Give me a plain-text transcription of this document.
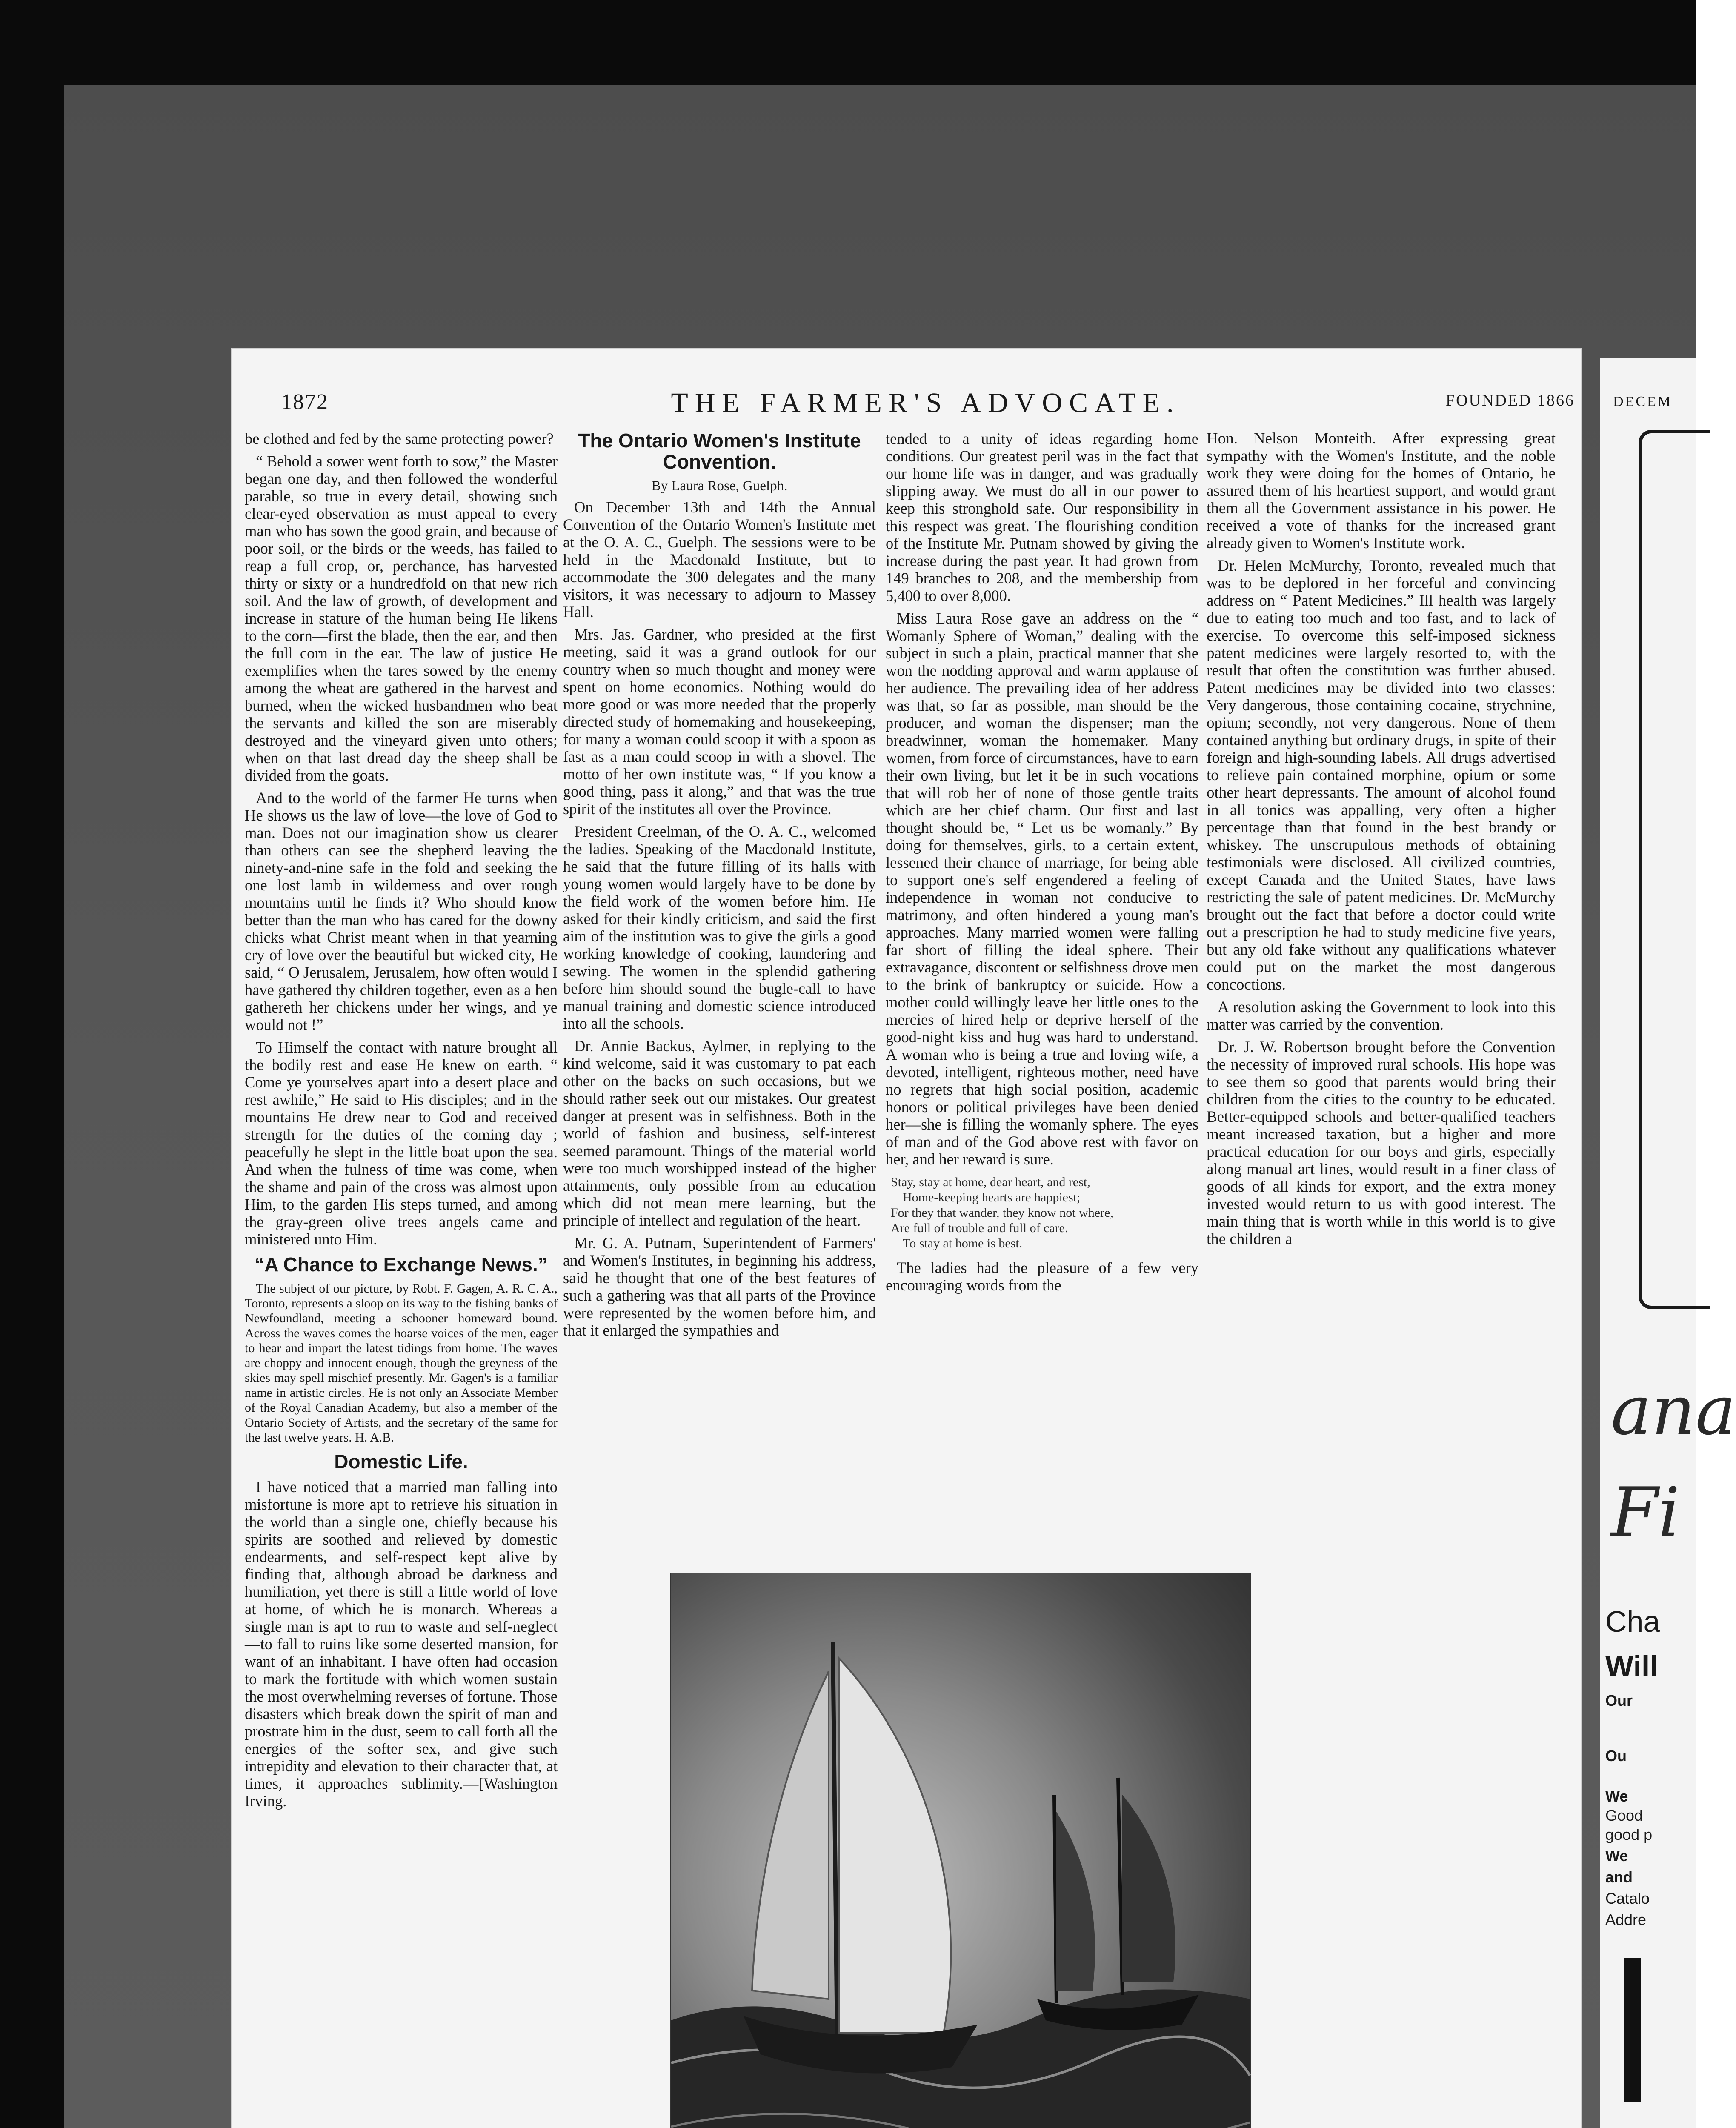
DECEM
ana
Fi
Cha
Will
Our
Ou
We
Good
good p
We
and
Catalo
Addre
1872	THE FARMER'S ADVOCATE.	FOUNDED 1866

be clothed and fed by the same protecting power?

“ Behold a sower went forth to sow,” the Master began one day, and then followed the wonderful parable, so true in every detail, showing such clear-eyed observation as must appeal to every man who has sown the good grain, and because of poor soil, or the birds or the weeds, has failed to reap a full crop, or, perchance, has harvested thirty or sixty or a hundredfold on that new rich soil. And the law of growth, of development and increase in stature of the human being He likens to the corn—first the blade, then the ear, and then the full corn in the ear. The law of justice He exemplifies when the tares sowed by the enemy among the wheat are gathered in the harvest and burned, when the wicked husbandmen who beat the servants and killed the son are miserably destroyed and the vineyard given unto others; when on that last dread day the sheep shall be divided from the goats.

And to the world of the farmer He turns when He shows us the law of love—the love of God to man. Does not our imagination show us clearer than others can see the shepherd leaving the ninety-and-nine safe in the fold and seeking the one lost lamb in wilderness and over rough mountains until he finds it? Who should know better than the man who has cared for the downy chicks what Christ meant when in that yearning cry of love over the beautiful but wicked city, He said, “ O Jerusalem, Jerusalem, how often would I have gathered thy children together, even as a hen gathereth her chickens under her wings, and ye would not !”

To Himself the contact with nature brought all the bodily rest and ease He knew on earth. “ Come ye yourselves apart into a desert place and rest awhile,” He said to His disciples; and in the mountains He drew near to God and received strength for the duties of the coming day ; peacefully he slept in the little boat upon the sea. And when the fulness of time was come, when the shame and pain of the cross was almost upon Him, to the garden His steps turned, and among the gray-green olive trees angels came and ministered unto Him.

“A Chance to Exchange News.”

The subject of our picture, by Robt. F. Gagen, A. R. C. A., Toronto, represents a sloop on its way to the fishing banks of Newfoundland, meeting a schooner homeward bound. Across the waves comes the hoarse voices of the men, eager to hear and impart the latest tidings from home. The waves are choppy and innocent enough, though the greyness of the skies may spell mischief presently. Mr. Gagen's is a familiar name in artistic circles. He is not only an Associate Member of the Royal Canadian Academy, but also a member of the Ontario Society of Artists, and the secretary of the same for the last twelve years. H. A.B.

Domestic Life.

I have noticed that a married man falling into misfortune is more apt to retrieve his situation in the world than a single one, chiefly because his spirits are soothed and relieved by domestic endearments, and self-respect kept alive by finding that, although abroad be darkness and humiliation, yet there is still a little world of love at home, of which he is monarch. Whereas a single man is apt to run to waste and self-neglect—to fall to ruins like some deserted mansion, for want of an inhabitant. I have often had occasion to mark the fortitude with which women sustain the most overwhelming reverses of fortune. Those disasters which break down the spirit of man and prostrate him in the dust, seem to call forth all the energies of the softer sex, and give such intrepidity and elevation to their character that, at times, it approaches sublimity.—[Washington Irving.

The Ontario Women's Institute Convention.
By Laura Rose, Guelph.

On December 13th and 14th the Annual Convention of the Ontario Women's Institute met at the O. A. C., Guelph. The sessions were to be held in the Macdonald Institute, but to accommodate the 300 delegates and the many visitors, it was necessary to adjourn to Massey Hall.

Mrs. Jas. Gardner, who presided at the first meeting, said it was a grand outlook for our country when so much thought and money were spent on home economics. Nothing would do more good or was more needed that the properly directed study of homemaking and housekeeping, for many a woman could scoop it with a spoon as fast as a man could scoop in with a shovel. The motto of her own institute was, “ If you know a good thing, pass it along,” and that was the true spirit of the institutes all over the Province.

President Creelman, of the O. A. C., welcomed the ladies. Speaking of the Macdonald Institute, he said that the future filling of its halls with young women would largely have to be done by the field work of the women before him. He asked for their kindly criticism, and said the first aim of the institution was to give the girls a good working knowledge of cooking, laundering and sewing. The women in the splendid gathering before him should sound the bugle-call to have manual training and domestic science introduced into all the schools.

Dr. Annie Backus, Aylmer, in replying to the kind welcome, said it was customary to pat each other on the backs on such occasions, but we should rather seek out our mistakes. Our greatest danger at present was in selfishness. Both in the world of fashion and business, self-interest seemed paramount. Things of the material world were too much worshipped instead of the higher attainments, only possible from an education which did not mean mere learning, but the principle of intellect and regulation of the heart.

Mr. G. A. Putnam, Superintendent of Farmers' and Women's Institutes, in beginning his address, said he thought that one of the best features of such a gathering was that all parts of the Province were represented by the women before him, and that it enlarged the sympathies and

tended to a unity of ideas regarding home conditions. Our greatest peril was in the fact that our home life was in danger, and was gradually slipping away. We must do all in our power to keep this stronghold safe. Our responsibility in this respect was great. The flourishing condition of the Institute Mr. Putnam showed by giving the increase during the past year. It had grown from 149 branches to 208, and the membership from 5,400 to over 8,000.

Miss Laura Rose gave an address on the “ Womanly Sphere of Woman,” dealing with the subject in such a plain, practical manner that she won the nodding approval and warm applause of her audience. The prevailing idea of her address was that, so far as possible, man should be the producer, and woman the dispenser; man the breadwinner, woman the homemaker. Many women, from force of circumstances, have to earn their own living, but let it be in such vocations that will rob her of none of those gentle traits which are her chief charm. Our first and last thought should be, “ Let us be womanly.” By doing for themselves, girls, to a certain extent, lessened their chance of marriage, for being able to support one's self engendered a feeling of independence in woman not conducive to matrimony, and often hindered a young man's approaches. Many married women were falling far short of filling the ideal sphere. Their extravagance, discontent or selfishness drove men to the brink of bankruptcy or suicide. How a mother could willingly leave her little ones to the mercies of hired help or deprive herself of the good-night kiss and hug was hard to understand. A woman who is being a true and loving wife, a devoted, intelligent, righteous mother, need have no regrets that high social position, academic honors or political privileges have been denied her—she is filling the womanly sphere. The eyes of man and of the God above rest with favor on her, and her reward is sure.

Stay, stay at home, dear heart, and rest,
Home-keeping hearts are happiest;
For they that wander, they know not where,
Are full of trouble and full of care.
To stay at home is best.

The ladies had the pleasure of a few very encouraging words from the

Hon. Nelson Monteith. After expressing great sympathy with the Women's Institute, and the noble work they were doing for the homes of Ontario, he assured them of his heartiest support, and would grant them all the Government assistance in his power. He received a vote of thanks for the increased grant already given to Women's Institute work.

Dr. Helen McMurchy, Toronto, revealed much that was to be deplored in her forceful and convincing address on “ Patent Medicines.” Ill health was largely due to eating too much and too fast, and to lack of exercise. To overcome this self-imposed sickness patent medicines were largely resorted to, with the result that often the constitution was further abused. Patent medicines may be divided into two classes: Very dangerous, those containing cocaine, strychnine, opium; secondly, not very dangerous. None of them contained anything but ordinary drugs, in spite of their foreign and high-sounding labels. All drugs advertised to relieve pain contained morphine, opium or some other heart depressants. The amount of alcohol found in all tonics was appalling, very often a higher percentage than that found in the best brandy or whiskey. The unscrupulous methods of obtaining testimonials were disclosed. All civilized countries, except Canada and the United States, have laws restricting the sale of patent medicines. Dr. McMurchy brought out the fact that before a doctor could write out a prescription he had to study medicine five years, but any old fake without any qualifications whatever could put on the market the most dangerous concoctions.

A resolution asking the Government to look into this matter was carried by the convention.

Dr. J. W. Robertson brought before the Convention the necessity of improved rural schools. His hope was to see them so good that parents would bring their children from the cities to the country to be educated. Better-equipped schools and better-qualified teachers meant increased taxation, but a higher and more practical education for our boys and girls, especially along manual art lines, would result in a finer class of goods of all kinds for export, and the extra money invested would return to us with good interest. The main thing that is worth while in this world is to give the children a
